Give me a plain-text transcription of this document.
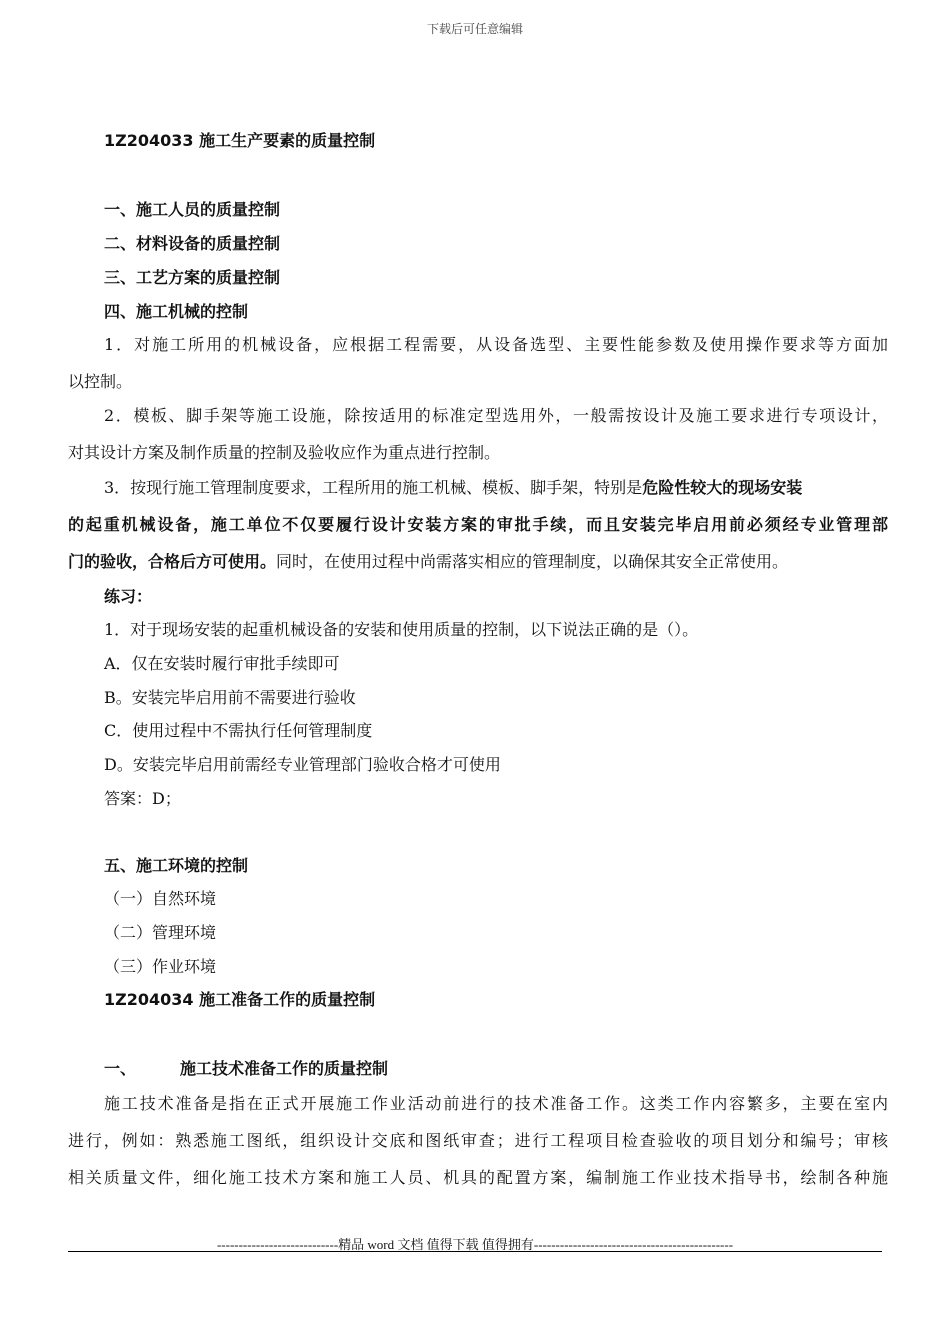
下载后可任意编辑
1Z204033 施工生产要素的质量控制
一、施工人员的质量控制
二、材料设备的质量控制
三、工艺方案的质量控制
四、施工机械的控制
1．对施工所用的机械设备，应根据工程需要，从设备选型、主要性能参数及使用操作要求等方面加
以控制。
2．模板、脚手架等施工设施，除按适用的标准定型选用外，一般需按设计及施工要求进行专项设计，
对其设计方案及制作质量的控制及验收应作为重点进行控制。
3．按现行施工管理制度要求，工程所用的施工机械、模板、脚手架，特别是危险性较大的现场安装
的起重机械设备，施工单位不仅要履行设计安装方案的审批手续，而且安装完毕启用前必须经专业管理部
门的验收，合格后方可使用。同时，在使用过程中尚需落实相应的管理制度，以确保其安全正常使用。
练习：
1．对于现场安装的起重机械设备的安装和使用质量的控制，以下说法正确的是（）。
A．仅在安装时履行审批手续即可
B。安装完毕启用前不需要进行验收
C．使用过程中不需执行任何管理制度
D。安装完毕启用前需经专业管理部门验收合格才可使用
答案：D；
五、施工环境的控制
（一）自然环境
（二）管理环境
（三）作业环境
1Z204034 施工准备工作的质量控制
一、	施工技术准备工作的质量控制
施工技术准备是指在正式开展施工作业活动前进行的技术准备工作。这类工作内容繁多，主要在室内
进行，例如：熟悉施工图纸，组织设计交底和图纸审查；进行工程项目检查验收的项目划分和编号；审核
相关质量文件，细化施工技术方案和施工人员、机具的配置方案，编制施工作业技术指导书，绘制各种施
----------------------------精品 word 文档 值得下载 值得拥有----------------------------------------------
